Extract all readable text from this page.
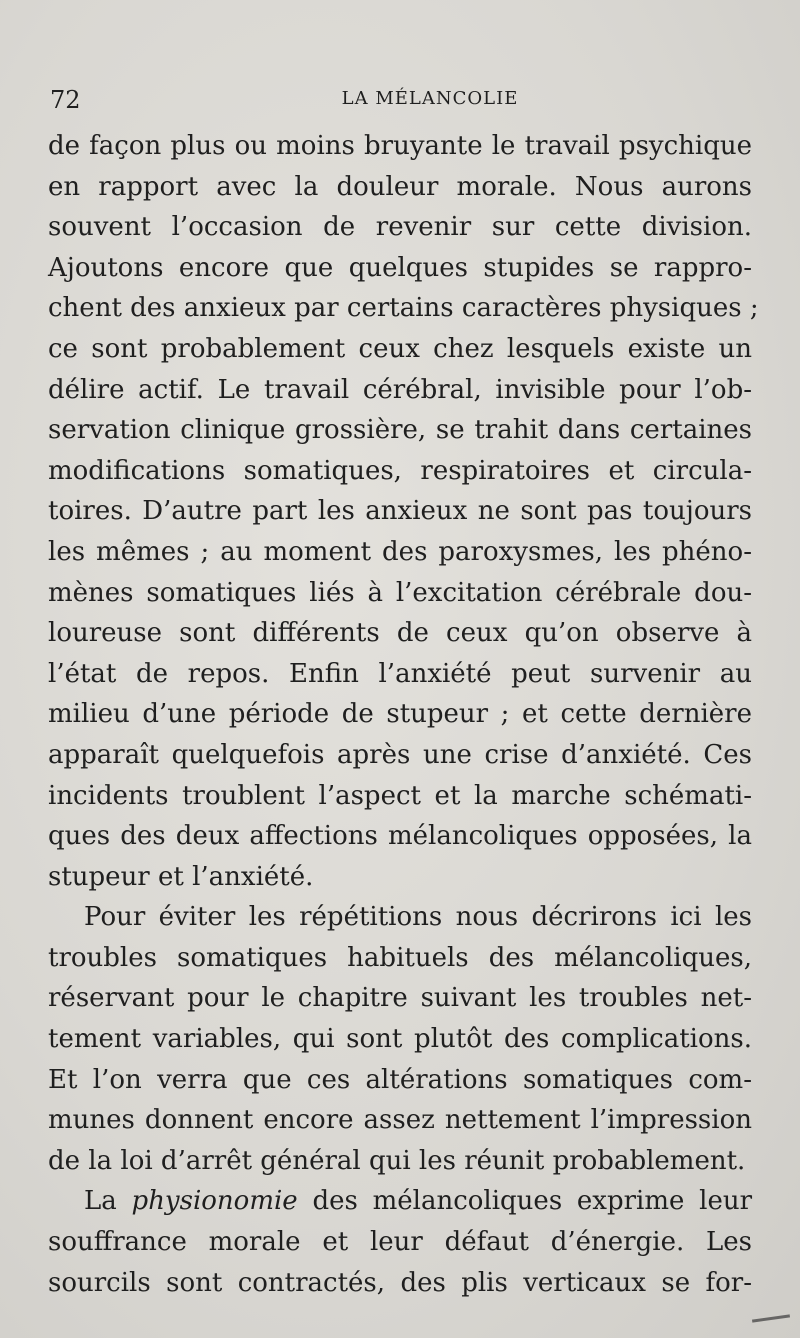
72	LA MÉLANCOLIE
de façon plus ou moins bruyante le travail psychique
en rapport avec la douleur morale. Nous aurons
souvent l’occasion de revenir sur cette division.
Ajoutons encore que quelques stupides se rappro-
chent des anxieux par certains caractères physiques ;
ce sont probablement ceux chez lesquels existe un
délire actif. Le travail cérébral, invisible pour l’ob-
servation clinique grossière, se trahit dans certaines
modifications somatiques, respiratoires et circula-
toires. D’autre part les anxieux ne sont pas toujours
les mêmes ; au moment des paroxysmes, les phéno-
mènes somatiques liés à l’excitation cérébrale dou-
loureuse sont différents de ceux qu’on observe à
l’état de repos. Enfin l’anxiété peut survenir au
milieu d’une période de stupeur ; et cette dernière
apparaît quelquefois après une crise d’anxiété. Ces
incidents troublent l’aspect et la marche schémati-
ques des deux affections mélancoliques opposées, la
stupeur et l’anxiété.
Pour éviter les répétitions nous décrirons ici les
troubles somatiques habituels des mélancoliques,
réservant pour le chapitre suivant les troubles net-
tement variables, qui sont plutôt des complications.
Et l’on verra que ces altérations somatiques com-
munes donnent encore assez nettement l’impression
de la loi d’arrêt général qui les réunit probablement.
La physionomie des mélancoliques exprime leur
souffrance morale et leur défaut d’énergie. Les
sourcils sont contractés, des plis verticaux se for-
